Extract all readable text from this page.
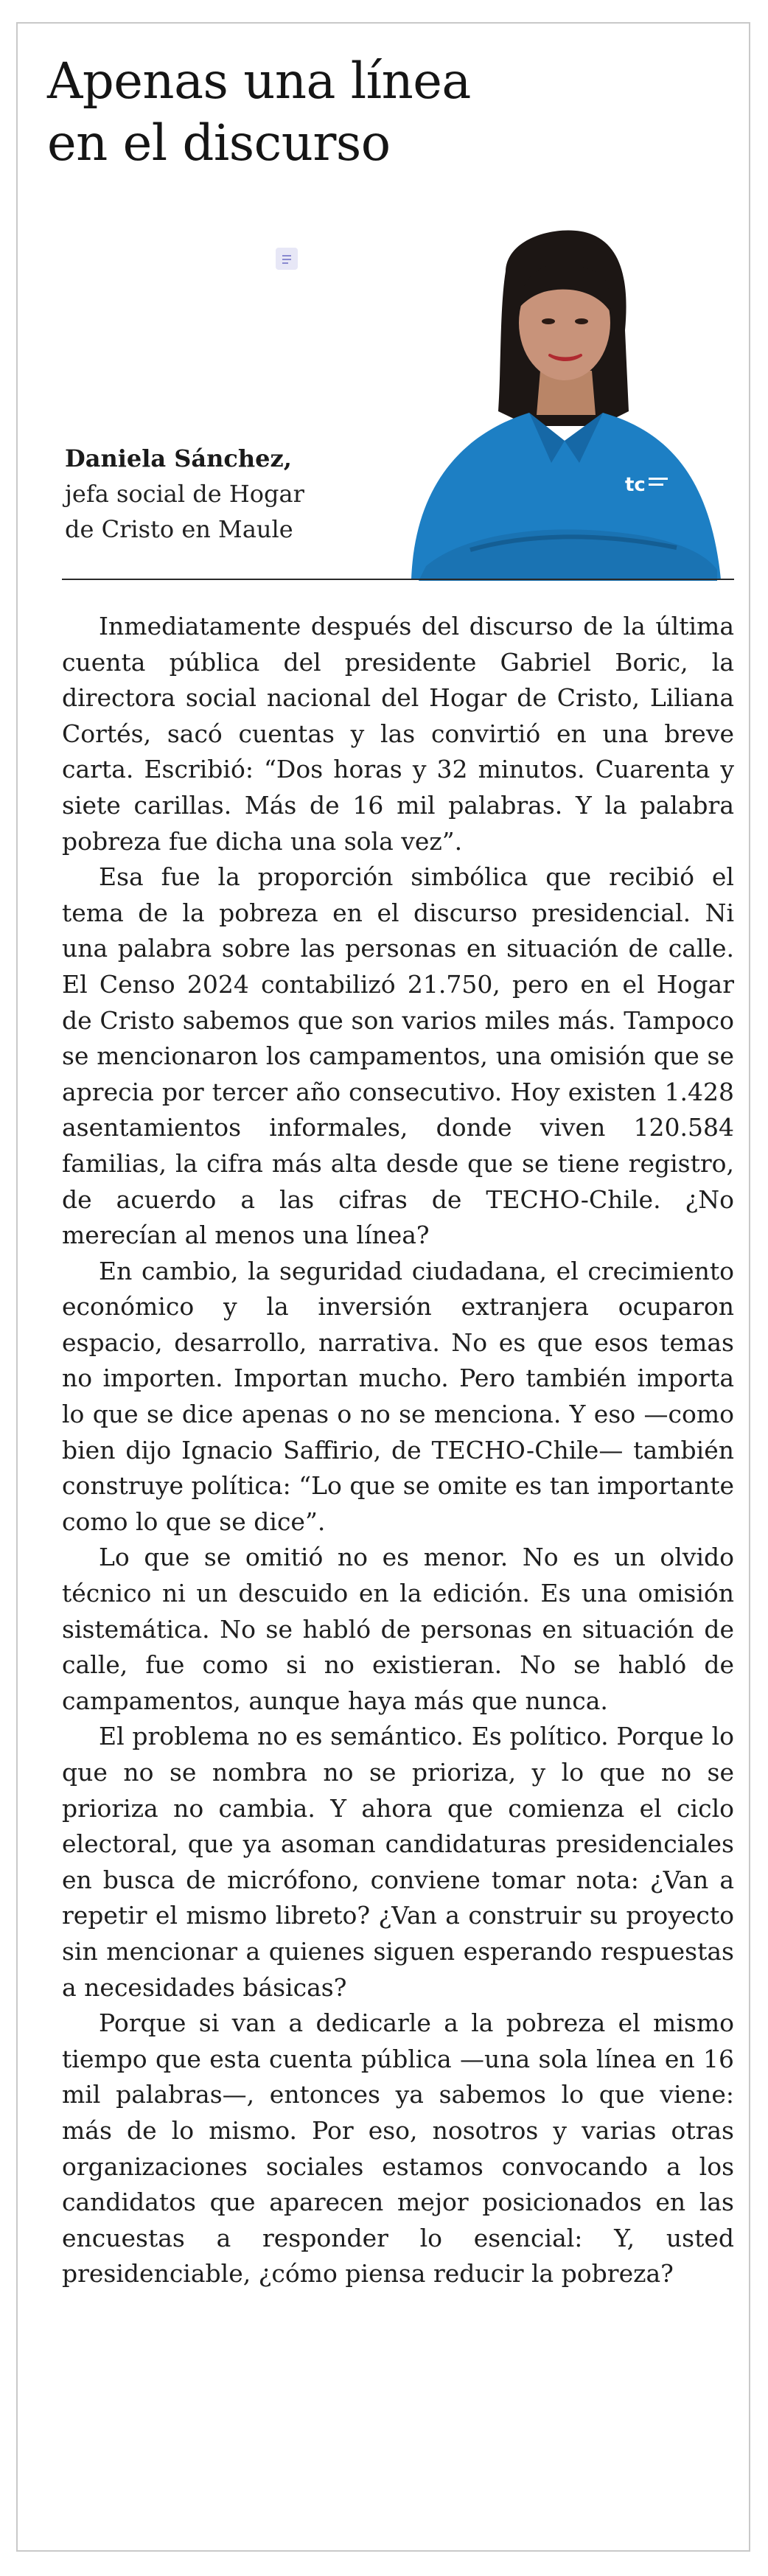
Apenas una línea
en el discurso
Daniela Sánchez,
jefa social de Hogar
de Cristo en Maule
tc

Inmediatamente después del discurso de la última cuenta pública del presidente Gabriel Boric, la directora social nacional del Hogar de Cristo, Liliana Cortés, sacó cuentas y las convirtió en una breve carta. Escribió: “Dos horas y 32 minutos. Cuarenta y siete carillas. Más de 16 mil palabras. Y la palabra pobreza fue dicha una sola vez”.

Esa fue la proporción simbólica que recibió el tema de la pobreza en el discurso presidencial. Ni una palabra sobre las personas en situación de calle. El Censo 2024 contabilizó 21.750, pero en el Hogar de Cristo sabemos que son varios miles más. Tampoco se mencionaron los campamentos, una omisión que se aprecia por tercer año consecutivo. Hoy existen 1.428 asentamientos informales, donde viven 120.584 familias, la cifra más alta desde que se tiene registro, de acuerdo a las cifras de TECHO-Chile. ¿No merecían al menos una línea?

En cambio, la seguridad ciudadana, el crecimiento económico y la inversión extranjera ocuparon espacio, desarrollo, narrativa. No es que esos temas no importen. Importan mucho. Pero también importa lo que se dice apenas o no se menciona. Y eso —como bien dijo Ignacio Saffirio, de TECHO-Chile— también construye política: “Lo que se omite es tan importante como lo que se dice”.

Lo que se omitió no es menor. No es un olvido técnico ni un descuido en la edición. Es una omisión sistemática. No se habló de personas en situación de calle, fue como si no existieran. No se habló de campamentos, aunque haya más que nunca.

El problema no es semántico. Es político. Porque lo que no se nombra no se prioriza, y lo que no se prioriza no cambia. Y ahora que comienza el ciclo electoral, que ya asoman candidaturas presidenciales en busca de micrófono, conviene tomar nota: ¿Van a repetir el mismo libreto? ¿Van a construir su proyecto sin mencionar a quienes siguen esperando respuestas a necesidades básicas?

Porque si van a dedicarle a la pobreza el mismo tiempo que esta cuenta pública —una sola línea en 16 mil palabras—, entonces ya sabemos lo que viene: más de lo mismo. Por eso, nosotros y varias otras organizaciones sociales estamos convocando a los candidatos que aparecen mejor posicionados en las encuestas a responder lo esencial: Y, usted presidenciable, ¿cómo piensa reducir la pobreza?
